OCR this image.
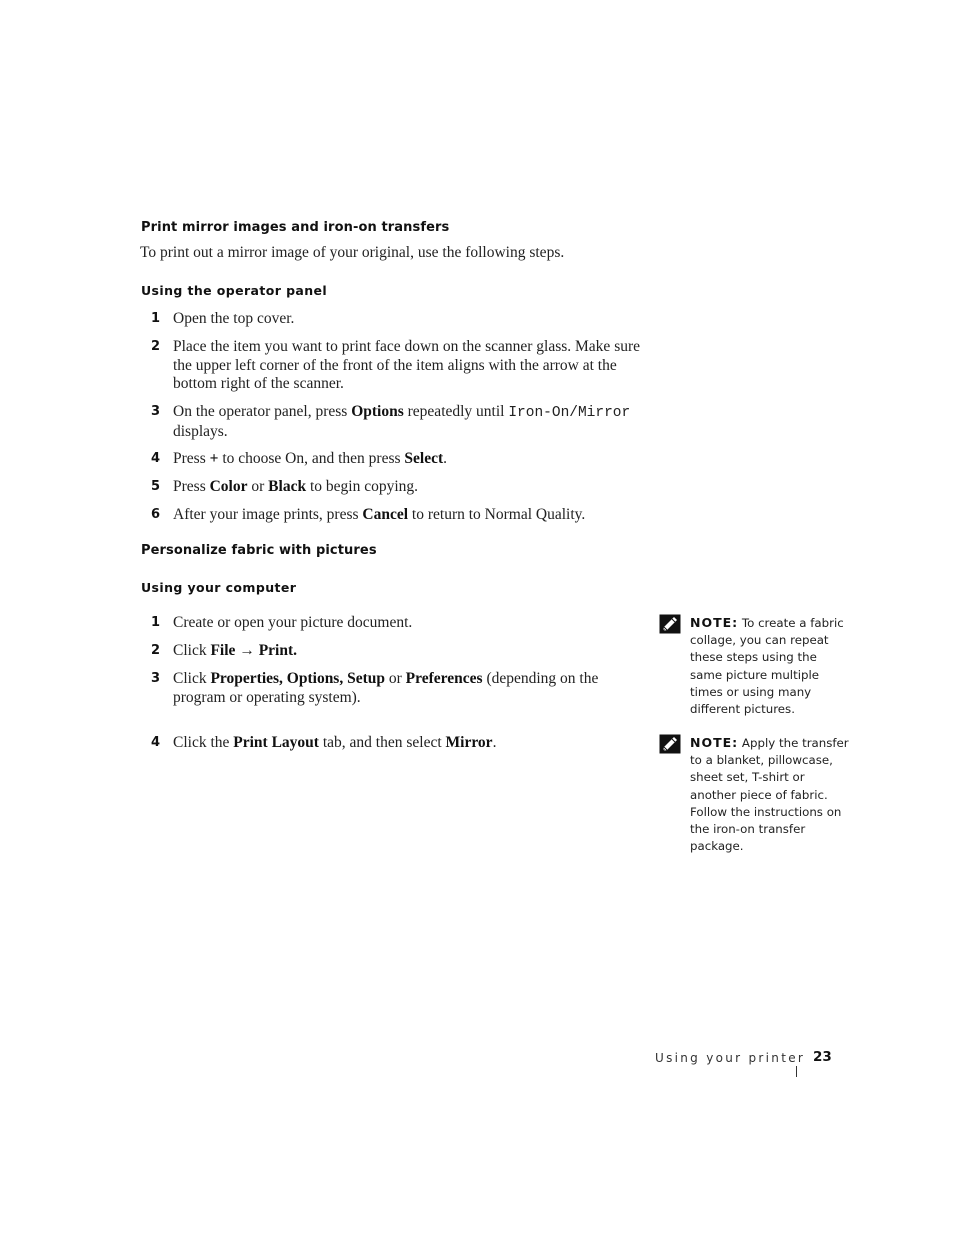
Print mirror images and iron-on transfers
To print out a mirror image of your original, use the following steps.
Using the operator panel
1 Open the top cover.
2 Place the item you want to print face down on the scanner glass. Make sure the upper left corner of the front of the item aligns with the arrow at the bottom right of the scanner.
3 On the operator panel, press Options repeatedly until Iron-On/Mirror displays.
4 Press + to choose On, and then press Select.
5 Press Color or Black to begin copying.
6 After your image prints, press Cancel to return to Normal Quality.
Personalize fabric with pictures
Using your computer
1 Create or open your picture document.
2 Click File → Print.
3 Click Properties, Options, Setup or Preferences (depending on the program or operating system).
4 Click the Print Layout tab, and then select Mirror.
NOTE: To create a fabric collage, you can repeat these steps using the same picture multiple times or using many different pictures.
NOTE: Apply the transfer to a blanket, pillowcase, sheet set, T-shirt or another piece of fabric. Follow the instructions on the iron-on transfer package.
Using your printer 23
